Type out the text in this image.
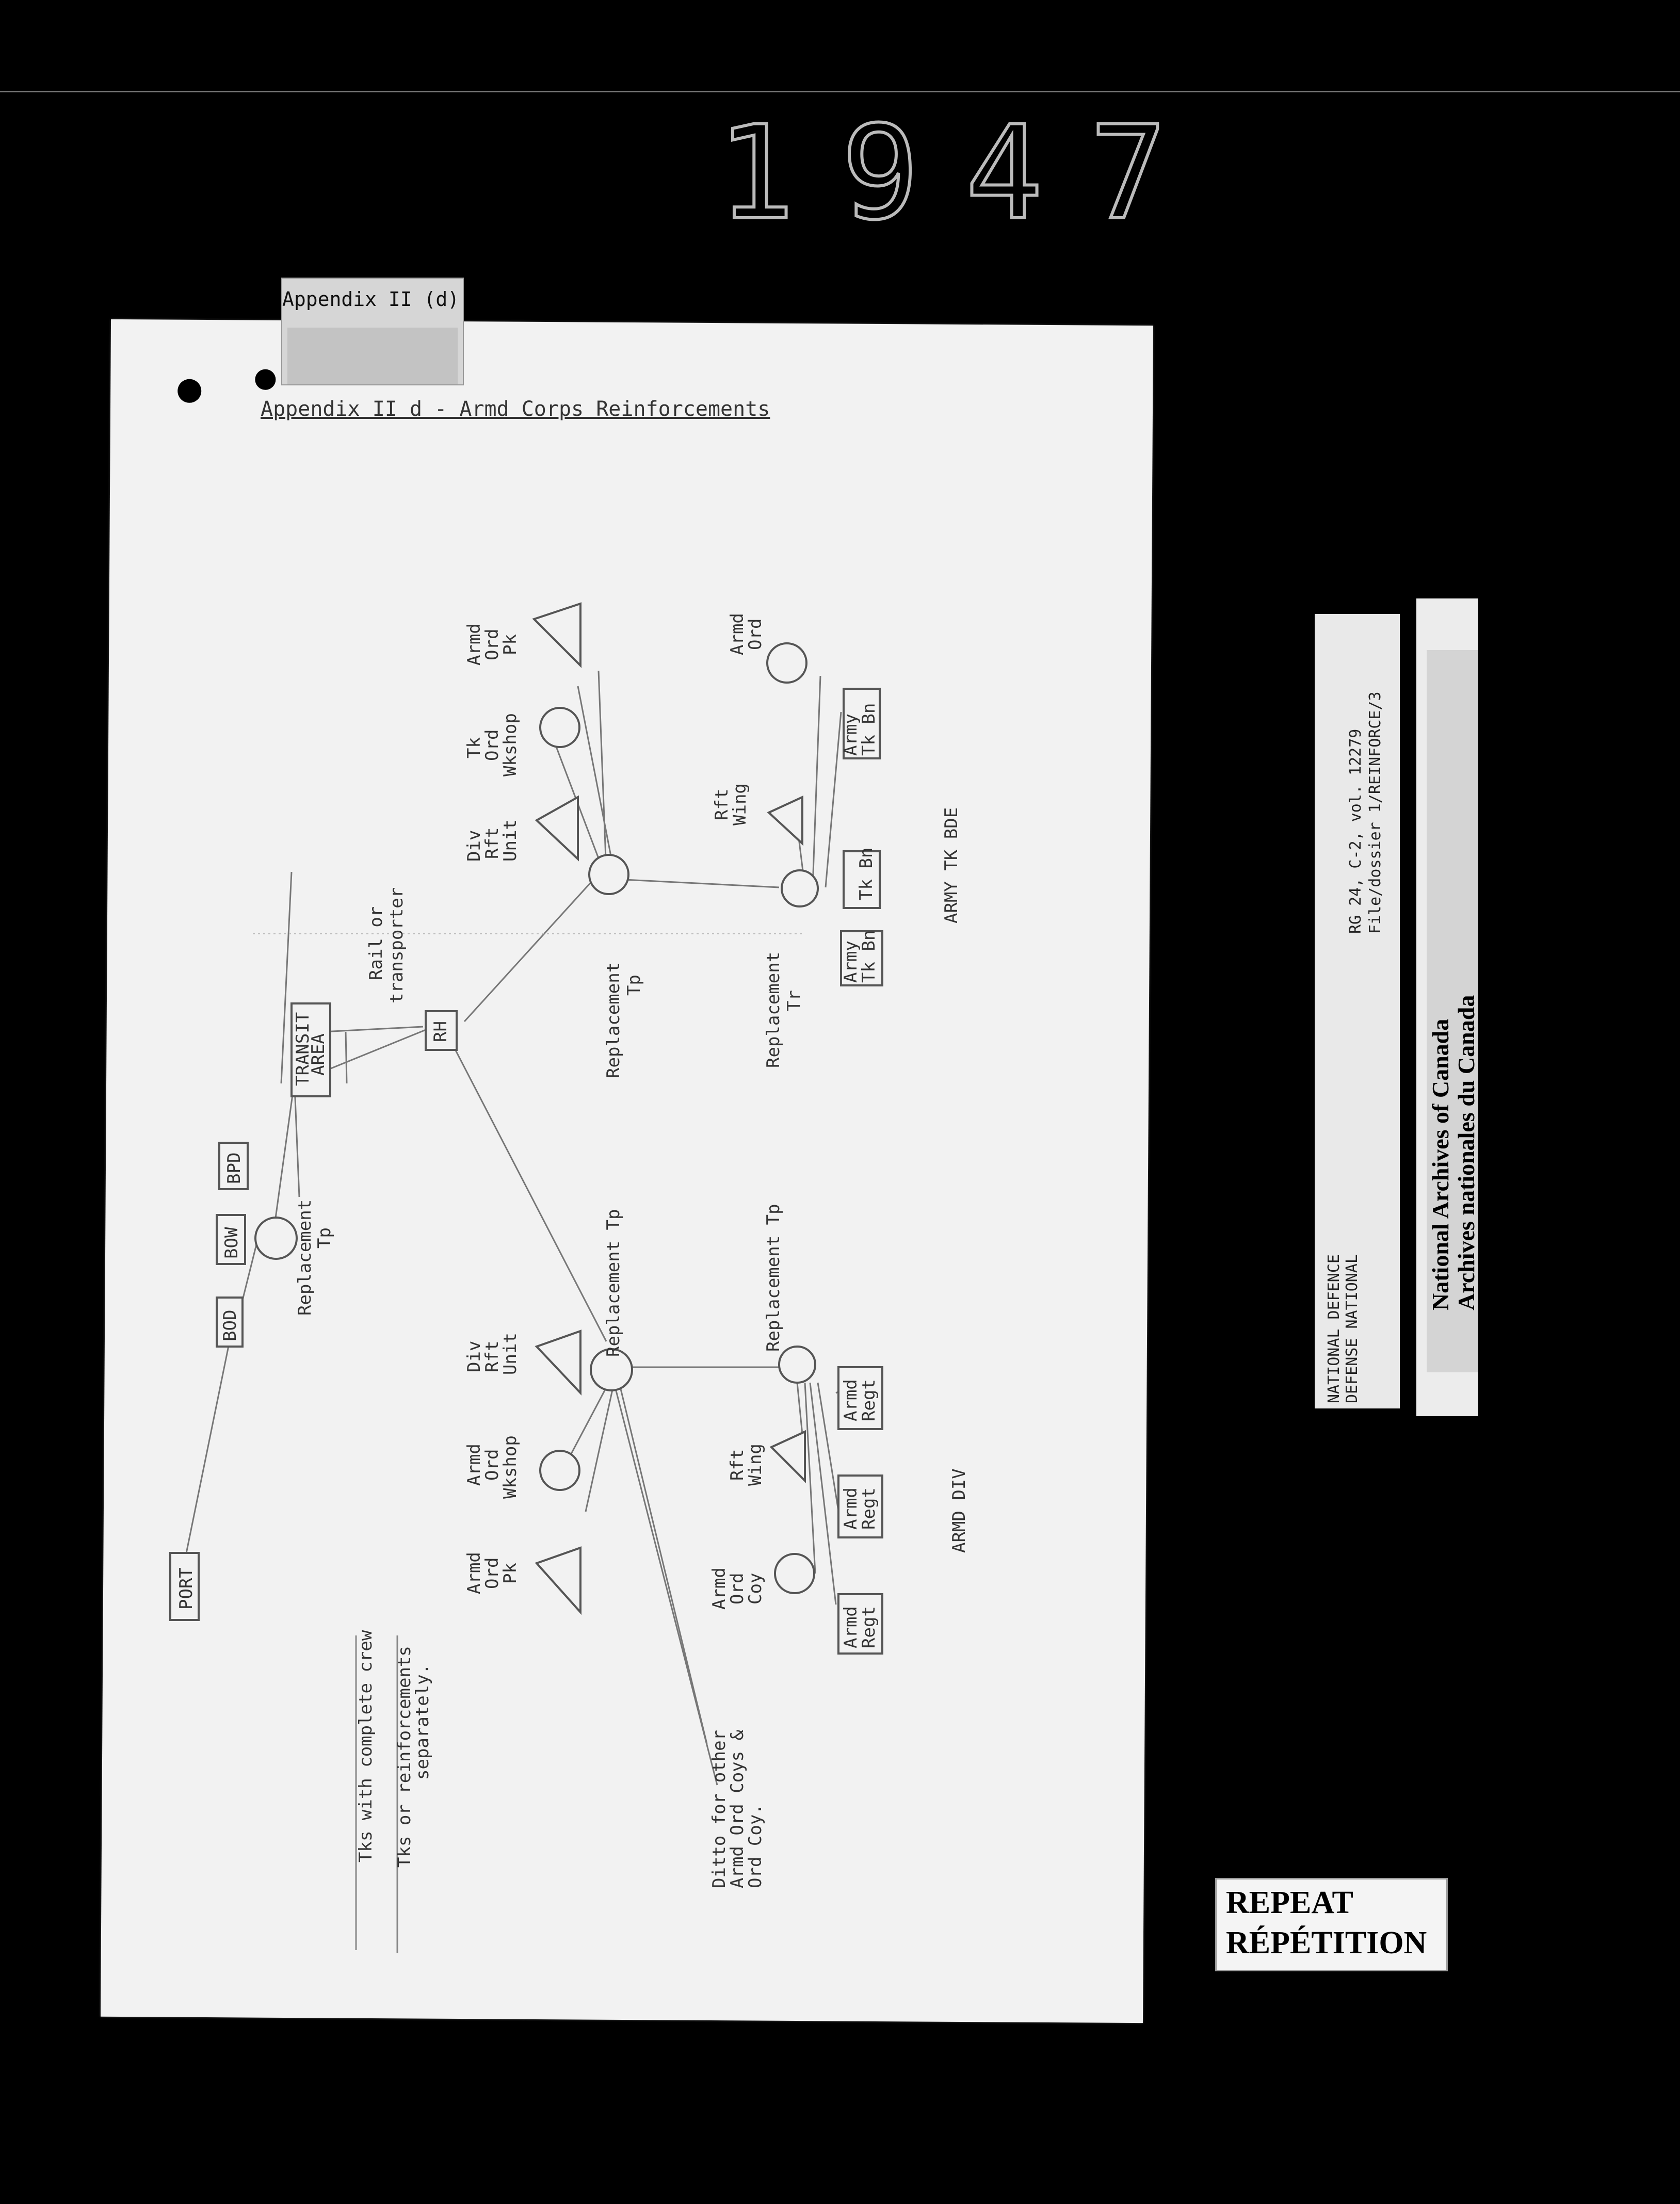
1947
Appendix II (d)
Appendix II d - Armd Corps Reinforcements
PORT
BOD
BOW
BPD
TRANSIT
AREA
RH
Replacement
Tp
Rail or transporter
Replacement Tp	Replacement Tr
Div
Rft
Unit
Tk
Ord
Wkshop
Armd
Ord
Pk	Armd
Ord
Rft
Wing
Army
Tk Bn
Tk Bn
Army
Tk Bn
ARMY TK BDE
Replacement Tp	Replacement Tp
Div
Rft
Unit
Armd
Ord
Wkshop
Armd
Ord
Pk
Rft
Wing
Armd
Ord
Coy
Armd
Regt
Armd
Regt
Armd
Regt
ARMD DIV
Tks with complete crew Tks or reinforcements
separately.
Ditto for other
Armd Ord Coys &
Ord Coy.
RG 24, C-2, vol. 12279 File/dossier 1/REINFORCE/3
NATIONAL DEFENCE DEFENSE NATIONAL
National Archives of Canada Archives nationales du Canada
REPEAT
RÉPÉTITION
